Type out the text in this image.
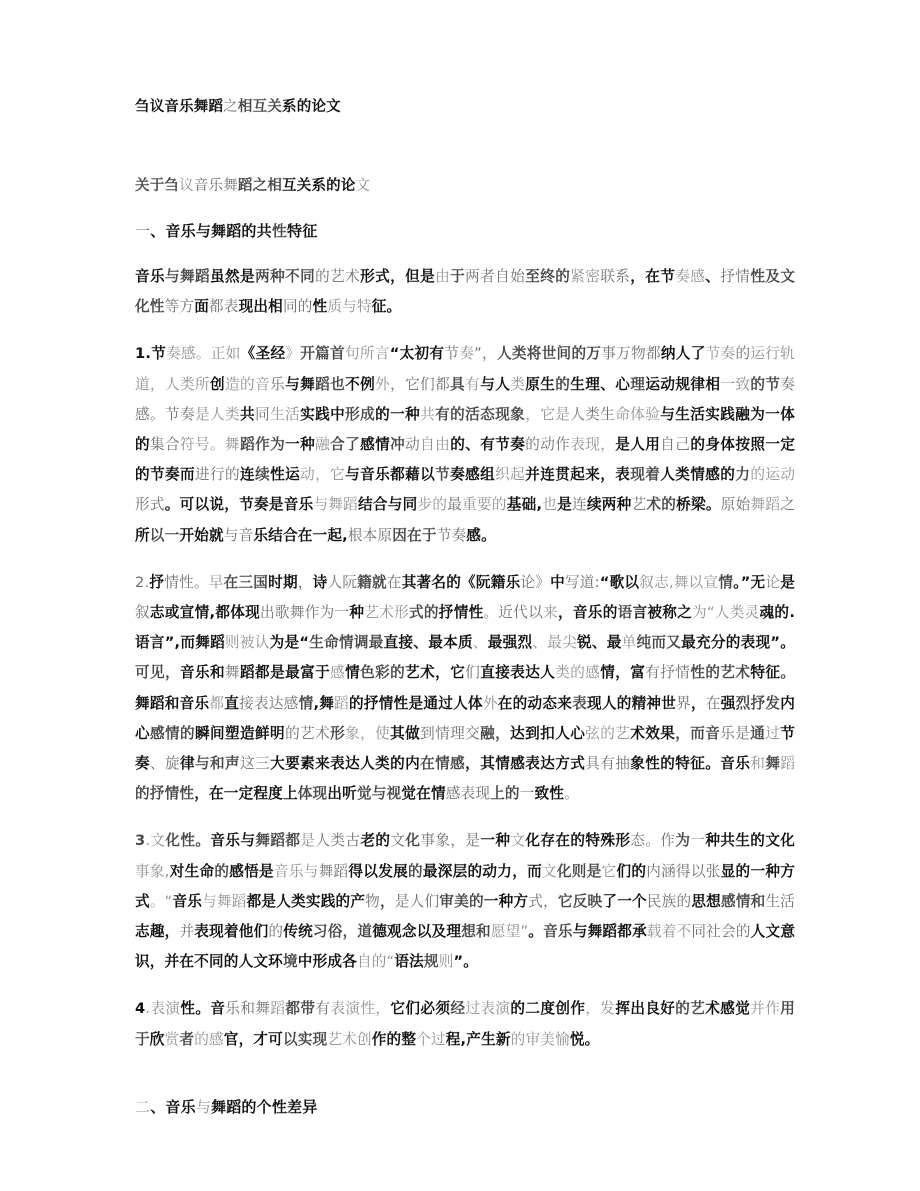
刍议音乐舞蹈之相互关系的论文
关于刍议音乐舞蹈之相互关系的论文
一、音乐与舞蹈的共性特征

音乐与舞蹈虽然是两种不同的艺术形式，但是由于两者自始至终的紧密联系，在节奏感、抒情性及文化性等方面都表现出相同的性质与特征。

1.节奏感。正如《圣经》开篇首句所言“太初有节奏”，人类将世间的万事万物都纳人了节奏的运行轨道，人类所创造的音乐与舞蹈也不例外，它们都具有与人类原生的生理、心理运动规律相一致的节奏感。节奏是人类共同生活实践中形成的一种共有的活态现象，它是人类生命体验与生活实践融为一体的集合符号。舞蹈作为一种融合了感情冲动自由的、有节奏的动作表现，是人用自己的身体按照一定的节奏而进行的连续性运动，它与音乐都藉以节奏感组织起并连贯起来，表现着人类情感的力的运动形式。可以说，节奏是音乐与舞蹈结合与同步的最重要的基础,也是连续两种艺术的桥梁。原始舞蹈之所以一开始就与音乐结合在一起,根本原因在于节奏感。

2.抒情性。早在三国时期，诗人阮籍就在其著名的《阮籍乐论》中写道:“歌以叙志,舞以宣情。”无论是叙志或宣情,都体现出歌舞作为一种艺术形式的抒情性。近代以来，音乐的语言被称之为“人类灵魂的.语言”,而舞蹈则被认为是“生命情调最直接、最本质、最强烈、最尖锐、最单纯而又最充分的表现”。可见，音乐和舞蹈都是最富于感情色彩的艺术，它们直接表达人类的感情，富有抒情性的艺术特征。舞蹈和音乐都直接表达感情,舞蹈的抒情性是通过人体外在的动态来表现人的精神世界，在强烈抒发内心感情的瞬间塑造鲜明的艺术形象，使其做到情理交融，达到扣人心弦的艺术效果，而音乐是通过节奏、旋律与和声这三大要素来表达人类的内在情感，其情感表达方式具有抽象性的特征。音乐和舞蹈的抒情性，在一定程度上体现出听觉与视觉在情感表现上的一致性。

3.文化性。音乐与舞蹈都是人类古老的文化事象，是一种文化存在的特殊形态。作为一种共生的文化事象,对生命的感悟是音乐与舞蹈得以发展的最深层的动力，而文化则是它们的内涵得以张显的一种方式。“音乐与舞蹈都是人类实践的产物，是人们审美的一种方式，它反映了一个民族的思想感情和生活志趣，并表现着他们的传统习俗，道德观念以及理想和愿望”。音乐与舞蹈都承载着不同社会的人文意识，并在不同的人文环境中形成各自的“语法规则”。

4.表演性。音乐和舞蹈都带有表演性，它们必须经过表演的二度创作，发挥出良好的艺术感觉并作用于欣赏者的感官，才可以实现艺术创作的整个过程,产生新的审美愉悦。

二、音乐与舞蹈的个性差异
